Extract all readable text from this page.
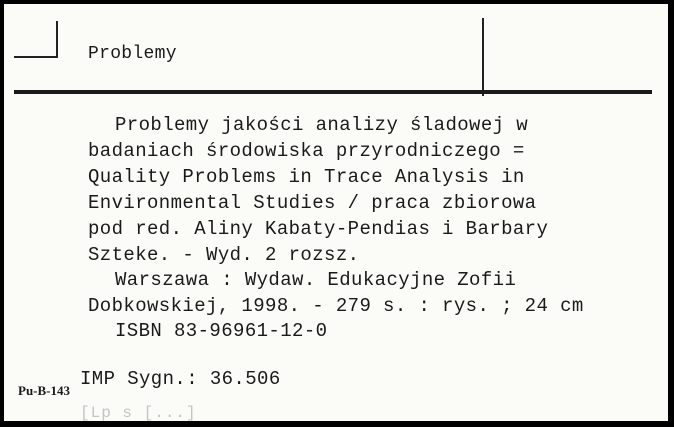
Problemy
Problemy jakości analizy śladowej w
badaniach środowiska przyrodniczego =
Quality Problems in Trace Analysis in
Environmental Studies / praca zbiorowa
pod red. Aliny Kabaty-Pendias i Barbary
Szteke. - Wyd. 2 rozsz.
Warszawa : Wydaw. Edukacyjne Zofii
Dobkowskiej, 1998. - 279 s. : rys. ; 24 cm
ISBN 83-96961-12-0
Pu-B-143
IMP Sygn.: 36.506
[Lp s [...]
